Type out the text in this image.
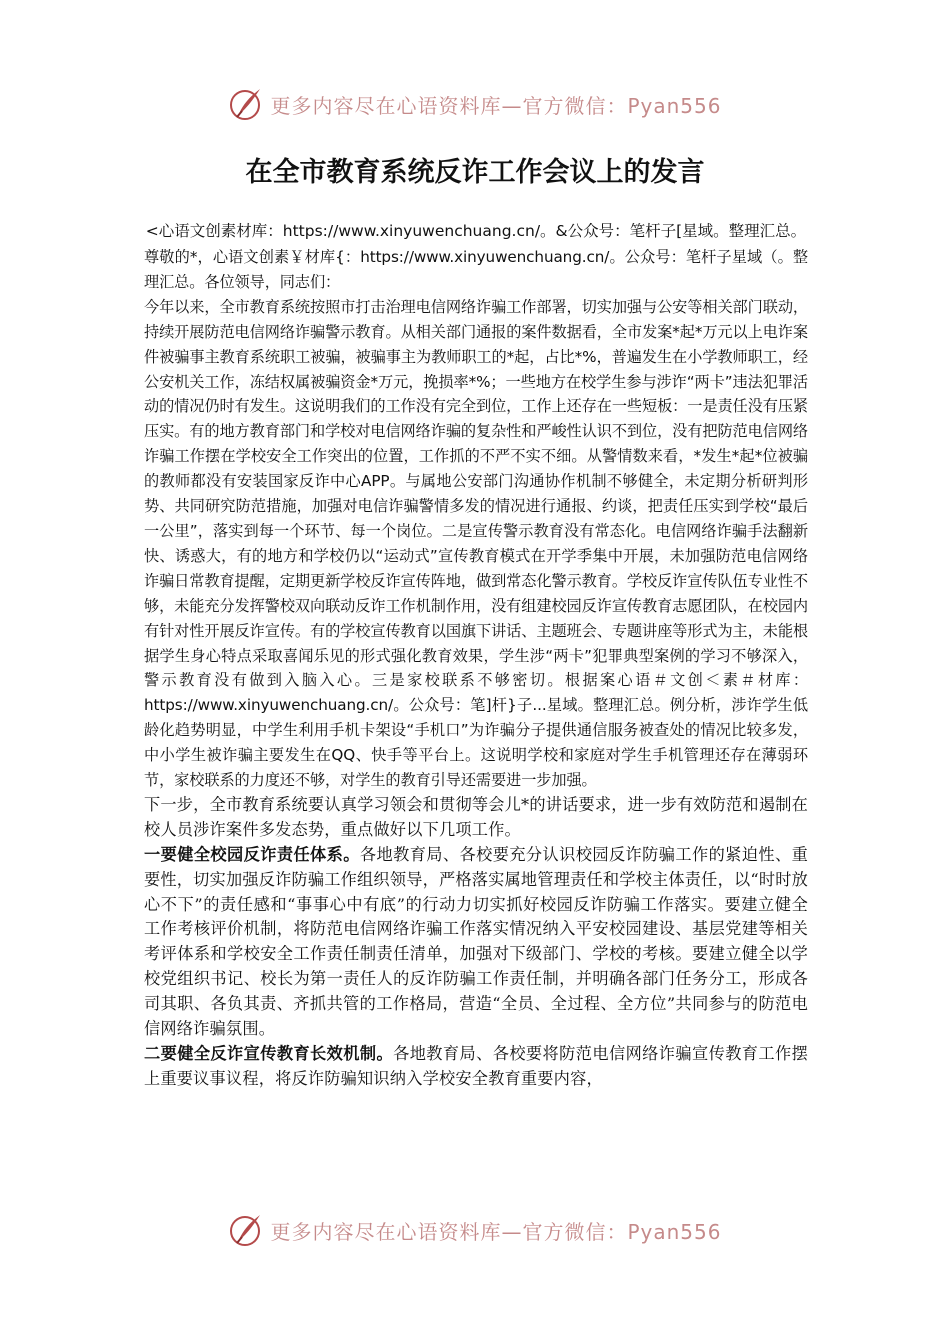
更多内容尽在心语资料库—官方微信：Pyan556
在全市教育系统反诈工作会议上的发言

<心语文创素材库：https://www.xinyuwenchuang.cn/。&公众号：笔杆子[星域。整理汇总。

尊敬的*，心语文创素￥材库{：https://www.xinyuwenchuang.cn/。公众号：笔杆子星域（。整理汇总。各位领导，同志们：

今年以来，全市教育系统按照市打击治理电信网络诈骗工作部署，切实加强与公安等相关部门联动，持续开展防范电信网络诈骗警示教育。从相关部门通报的案件数据看，全市发案*起*万元以上电诈案件被骗事主教育系统职工被骗，被骗事主为教师职工的*起，占比*%，普遍发生在小学教师职工，经公安机关工作，冻结权属被骗资金*万元，挽损率*%；一些地方在校学生参与涉诈“两卡”违法犯罪活动的情况仍时有发生。这说明我们的工作没有完全到位，工作上还存在一些短板：一是责任没有压紧压实。有的地方教育部门和学校对电信网络诈骗的复杂性和严峻性认识不到位，没有把防范电信网络诈骗工作摆在学校安全工作突出的位置，工作抓的不严不实不细。从警情数来看，*发生*起*位被骗的教师都没有安装国家反诈中心APP。与属地公安部门沟通协作机制不够健全，未定期分析研判形势、共同研究防范措施，加强对电信诈骗警情多发的情况进行通报、约谈，把责任压实到学校“最后一公里”，落实到每一个环节、每一个岗位。二是宣传警示教育没有常态化。电信网络诈骗手法翻新快、诱惑大，有的地方和学校仍以“运动式”宣传教育模式在开学季集中开展，未加强防范电信网络诈骗日常教育提醒，定期更新学校反诈宣传阵地，做到常态化警示教育。学校反诈宣传队伍专业性不够，未能充分发挥警校双向联动反诈工作机制作用，没有组建校园反诈宣传教育志愿团队，在校园内有针对性开展反诈宣传。有的学校宣传教育以国旗下讲话、主题班会、专题讲座等形式为主，未能根据学生身心特点采取喜闻乐见的形式强化教育效果，学生涉“两卡”犯罪典型案例的学习不够深入，警示教育没有做到入脑入心。三是家校联系不够密切。根据案心语＃文创＜素＃材库：https://www.xinyuwenchuang.cn/。公众号：笔]杆}子...星域。整理汇总。例分析，涉诈学生低龄化趋势明显，中学生利用手机卡架设“手机口”为诈骗分子提供通信服务被查处的情况比较多发，中小学生被诈骗主要发生在QQ、快手等平台上。这说明学校和家庭对学生手机管理还存在薄弱环节，家校联系的力度还不够，对学生的教育引导还需要进一步加强。

下一步，全市教育系统要认真学习领会和贯彻等会儿*的讲话要求，进一步有效防范和遏制在校人员涉诈案件多发态势，重点做好以下几项工作。

一要健全校园反诈责任体系。各地教育局、各校要充分认识校园反诈防骗工作的紧迫性、重要性，切实加强反诈防骗工作组织领导，严格落实属地管理责任和学校主体责任，以“时时放心不下”的责任感和“事事心中有底”的行动力切实抓好校园反诈防骗工作落实。要建立健全工作考核评价机制，将防范电信网络诈骗工作落实情况纳入平安校园建设、基层党建等相关考评体系和学校安全工作责任制责任清单，加强对下级部门、学校的考核。要建立健全以学校党组织书记、校长为第一责任人的反诈防骗工作责任制，并明确各部门任务分工，形成各司其职、各负其责、齐抓共管的工作格局，营造“全员、全过程、全方位”共同参与的防范电信网络诈骗氛围。

二要健全反诈宣传教育长效机制。各地教育局、各校要将防范电信网络诈骗宣传教育工作摆上重要议事议程，将反诈防骗知识纳入学校安全教育重要内容，

更多内容尽在心语资料库—官方微信：Pyan556
